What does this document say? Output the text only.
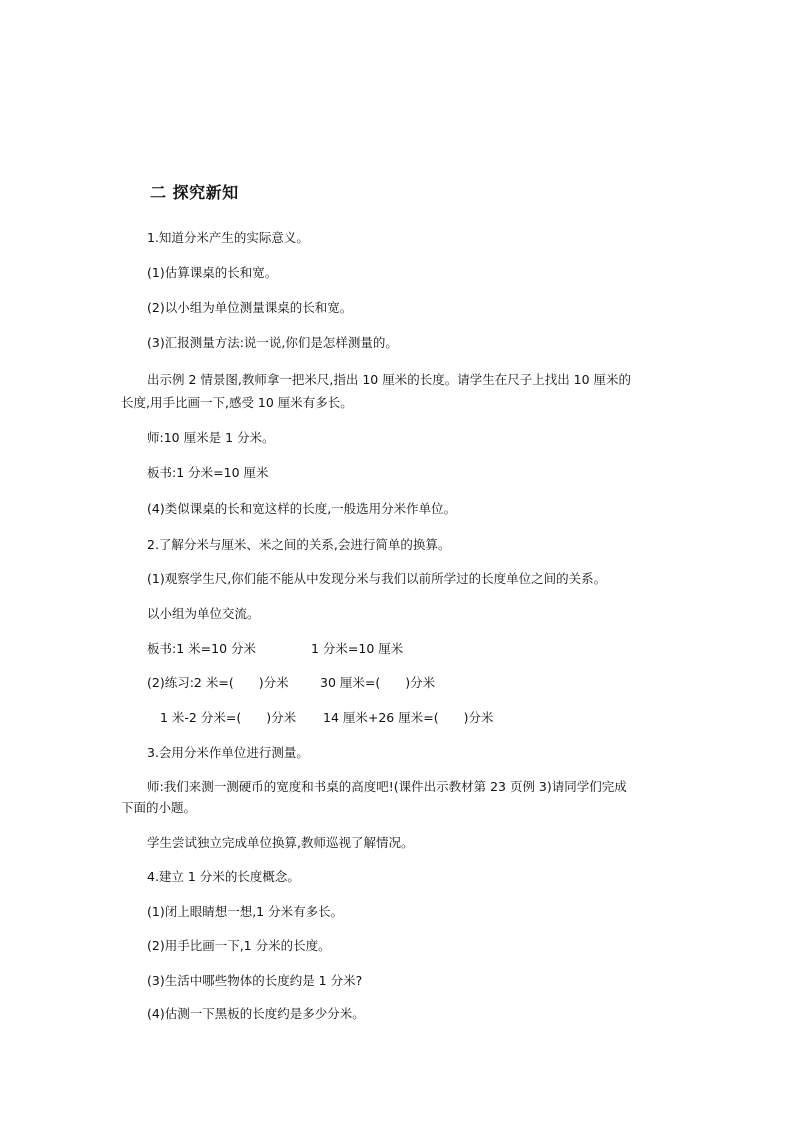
二 探究新知
1.知道分米产生的实际意义。
(1)估算课桌的长和宽。
(2)以小组为单位测量课桌的长和宽。
(3)汇报测量方法:说一说,你们是怎样测量的。
出示例 2 情景图,教师拿一把米尺,指出 10 厘米的长度。请学生在尺子上找出 10 厘米的
长度,用手比画一下,感受 10 厘米有多长。
师:10 厘米是 1 分米。
板书:1 分米=10 厘米
(4)类似课桌的长和宽这样的长度,一般选用分米作单位。
2.了解分米与厘米、米之间的关系,会进行简单的换算。
(1)观察学生尺,你们能不能从中发现分米与我们以前所学过的长度单位之间的关系。
以小组为单位交流。
板书:1 米=10 分米	1 分米=10 厘米
(2)练习:2 米=(　　)分米	30 厘米=(　　)分米
1 米-2 分米=(　　)分米 14 厘米+26 厘米=(　　)分米
3.会用分米作单位进行测量。
师:我们来测一测硬币的宽度和书桌的高度吧!(课件出示教材第 23 页例 3)请同学们完成
下面的小题。
学生尝试独立完成单位换算,教师巡视了解情况。
4.建立 1 分米的长度概念。
(1)闭上眼睛想一想,1 分米有多长。
(2)用手比画一下,1 分米的长度。
(3)生活中哪些物体的长度约是 1 分米?
(4)估测一下黑板的长度约是多少分米。
